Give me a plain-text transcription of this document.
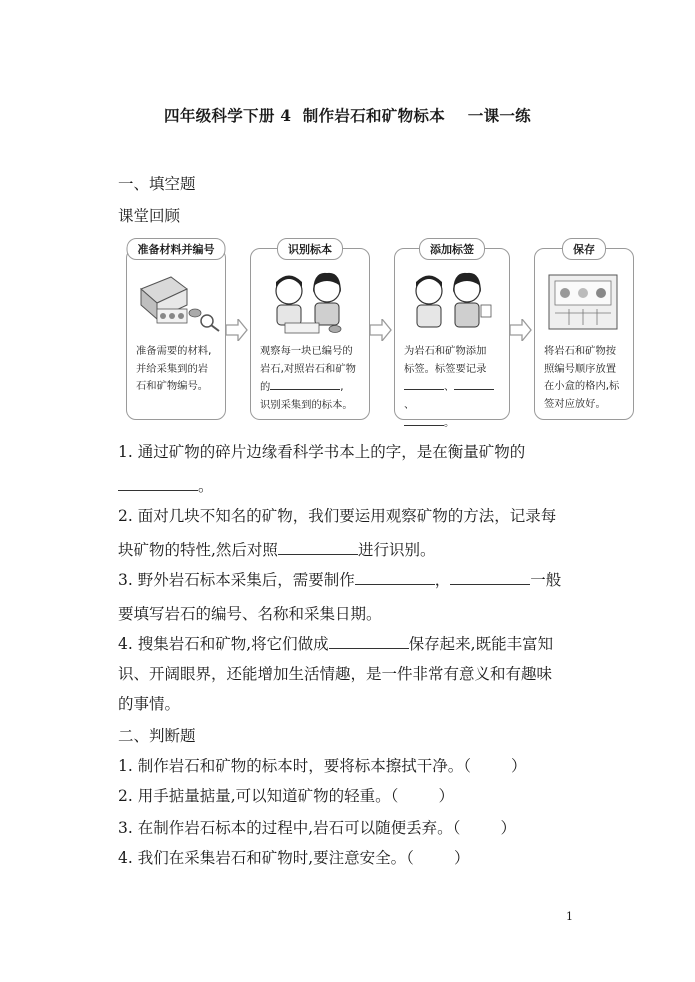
四年级科学下册 4  制作岩石和矿物标本    一课一练
一、填空题
课堂回顾
准备材料并编号
准备需要的材料,
并给采集到的岩
石和矿物编号。
识别标本
观察每一块已编号的
岩石,对照岩石和矿物
的	,
识别采集到的标本。
添加标签
为岩石和矿物添加
标签。标签要记录
、、
。
保存
将岩石和矿物按
照编号顺序放置
在小盒的格内,标
签对应放好。
1. 通过矿物的碎片边缘看科学书本上的字，是在衡量矿物的
。
2. 面对几块不知名的矿物，我们要运用观察矿物的方法，记录每
块矿物的特性,然后对照	进行识别。
3. 野外岩石标本采集后，需要制作	，	一般
要填写岩石的编号、名称和采集日期。
4. 搜集岩石和矿物,将它们做成	保存起来,既能丰富知
识、开阔眼界，还能增加生活情趣，是一件非常有意义和有趣味
的事情。
二、判断题
1. 制作岩石和矿物的标本时，要将标本擦拭干净。（	）
2. 用手掂量掂量,可以知道矿物的轻重。（	）
3. 在制作岩石标本的过程中,岩石可以随便丢弃。（	）
4. 我们在采集岩石和矿物时,要注意安全。（	）
1
